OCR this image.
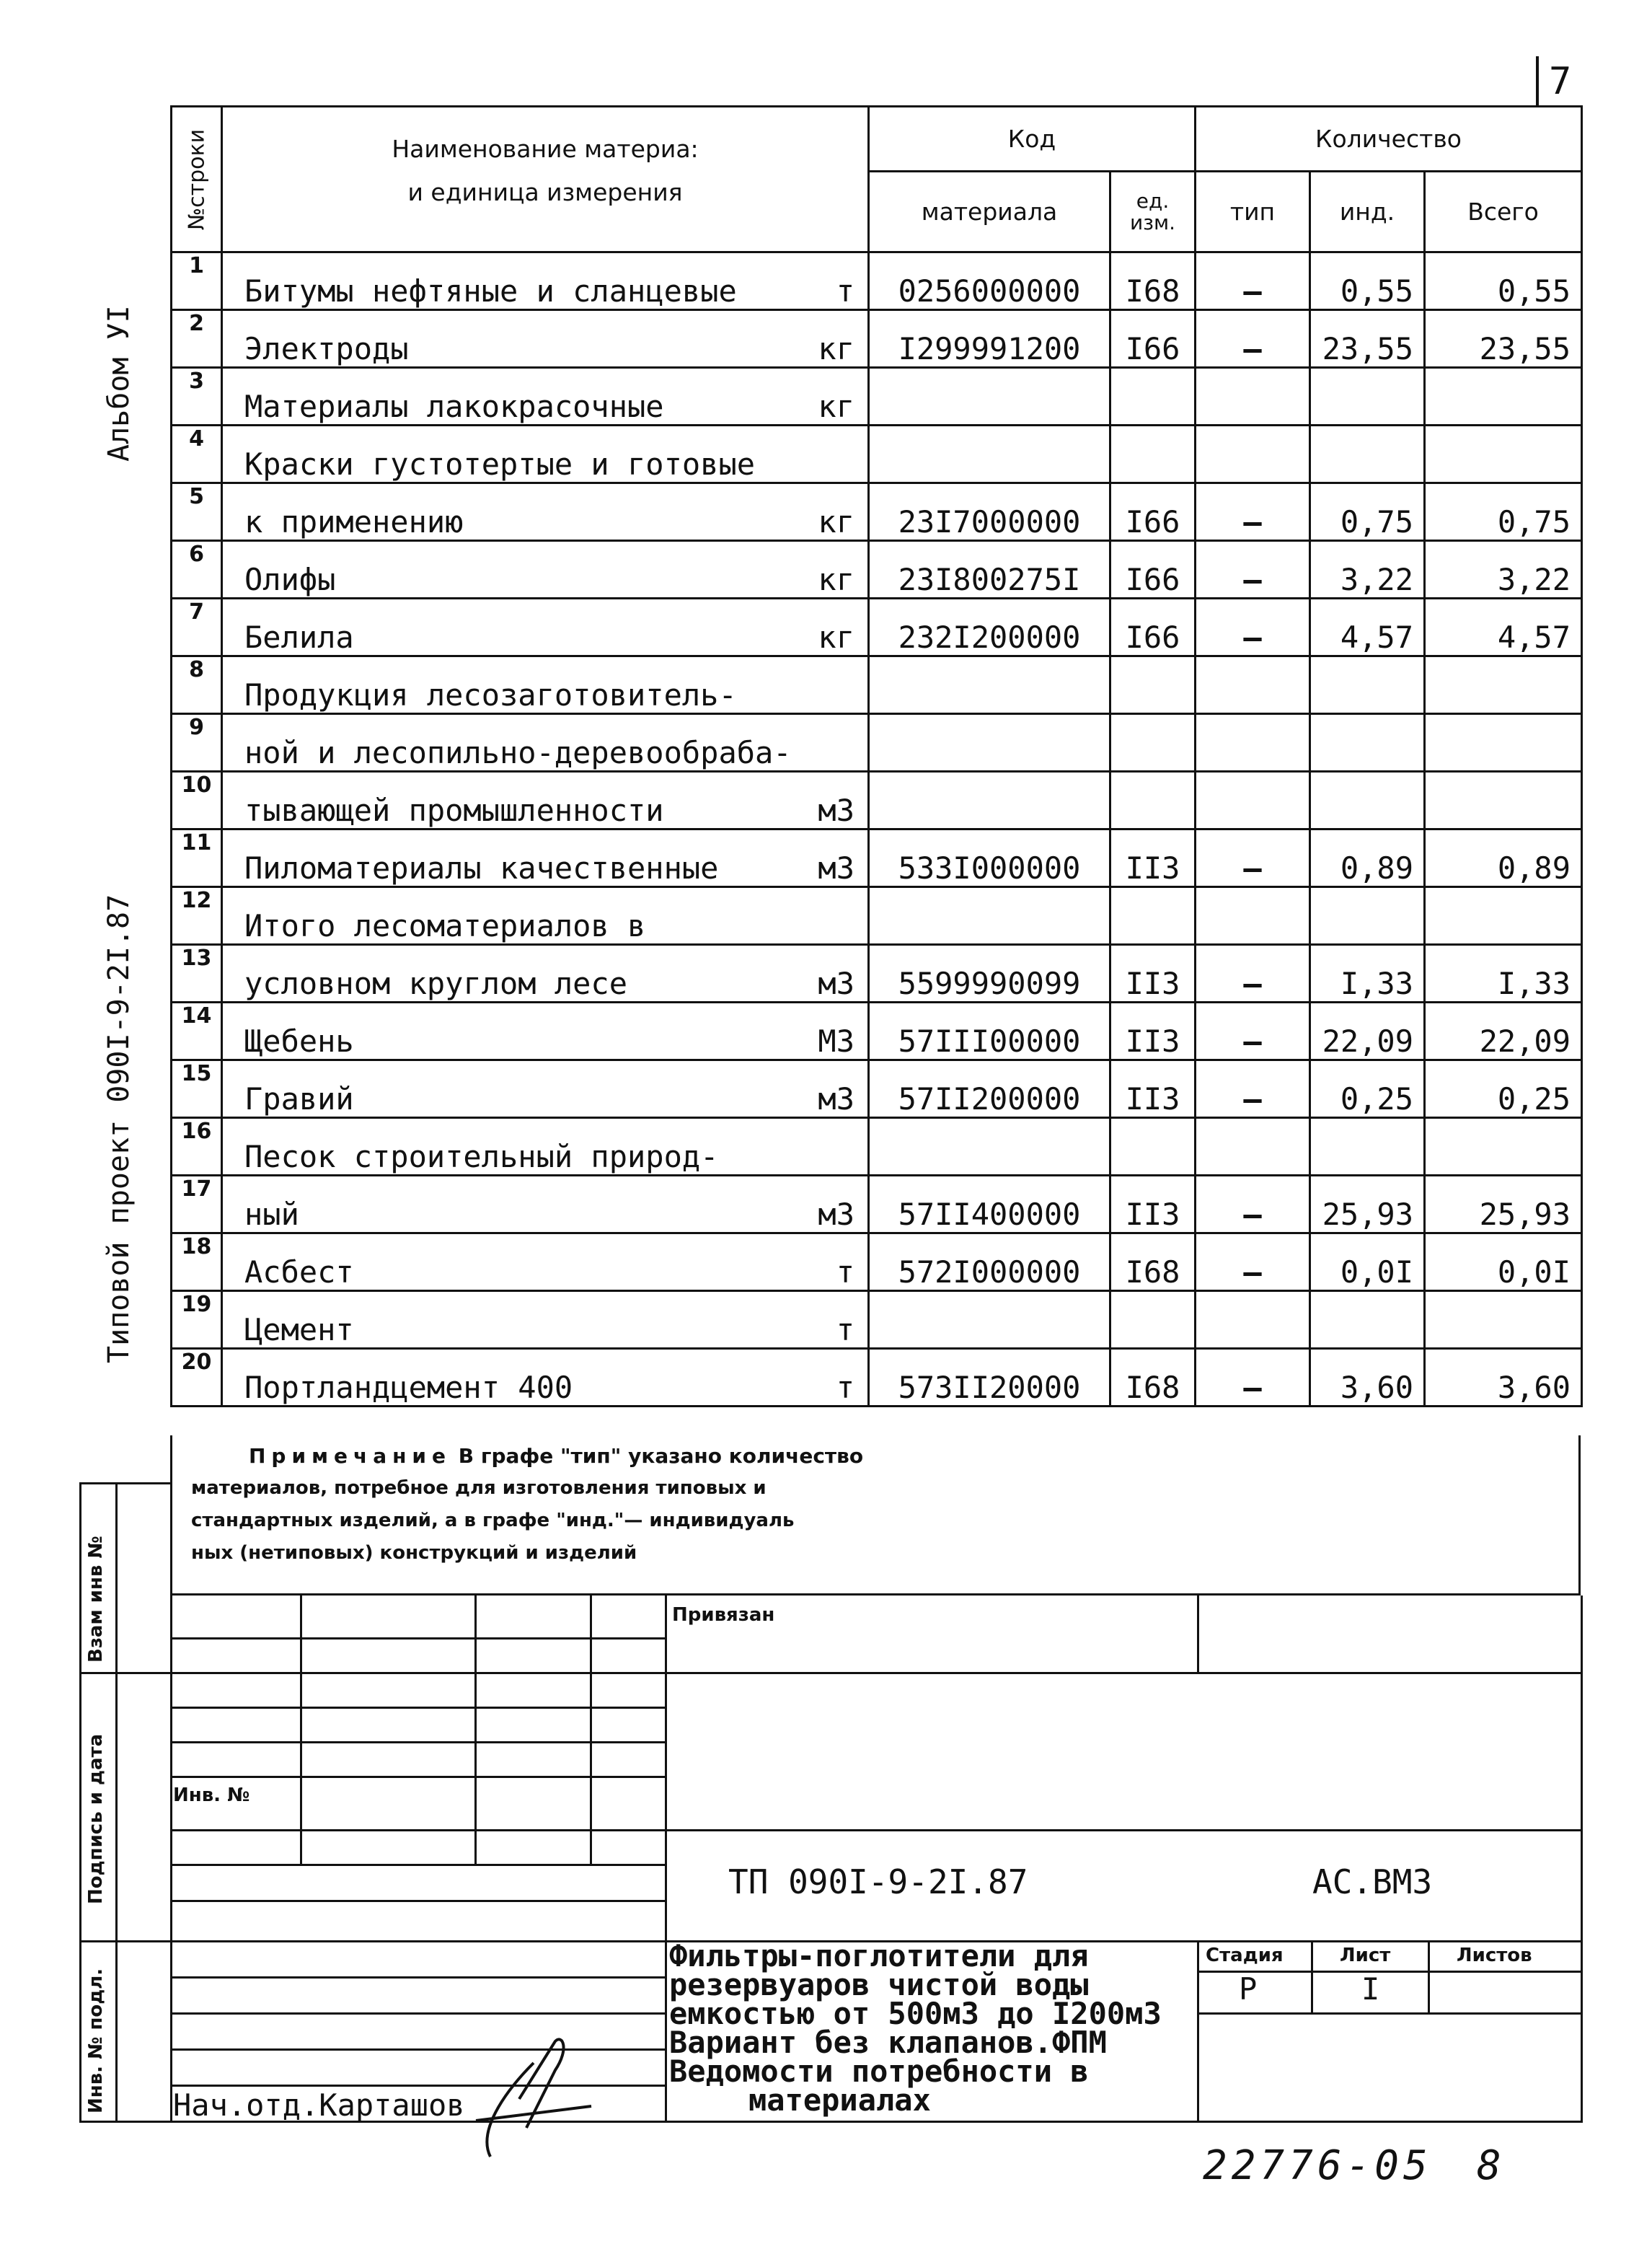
7
Альбом УI
Типовой проект 090I-9-2I.87
№строки	Наименование материа:
и единица измерения	Код		Количество		
		материала	ед. изм.	тип	инд.	Всего
1	Битумы нефтяные и сланцевые т	0256000000	I68	–	0,55	0,55
2	Электроды кг	I299991200	I66	–	23,55	23,55
3	Материалы лакокрасочные кг					

4	Краски густотертые и готовые					

5	к применению кг	23I7000000	I66	–	0,75	0,75
6	Олифы кг	23I800275I	I66	–	3,22	3,22
7	Белила кг	232I200000	I66	–	4,57	4,57
8	Продукция лесозаготовитель-					

9	ной и лесопильно-деревообраба-					

10	тывающей промышленности м3					

11	Пиломатериалы качественные м3	533I000000	II3	–	0,89	0,89
12	Итого лесоматериалов в					

13	условном круглом лесе м3	5599990099	II3	–	I,33	I,33
14	Щебень М3	57III00000	II3	–	22,09	22,09
15	Гравий м3	57II200000	II3	–	0,25	0,25
16	Песок строительный природ-					

17	ный м3	57II400000	II3	–	25,93	25,93
18	Асбест т	572I000000	I68	–	0,0I	0,0I
19	Цемент т					

20	Портландцемент 400 т	573II20000	I68	–	3,60	3,60
Примечание В графе "тип" указано количество
материалов, потребное для изготовления типовых и
стандартных изделий, а в графе "инд."— индивидуаль
ных (нетиповых) конструкций и изделий
Взам инв №
Подпись и дата
Инв. № подл.
Привязан
Инв. №
ТП 090I-9-2I.87	АС.ВМ3
Фильтры-поглотители для
резервуаров чистой воды
емкостью от 500м3 до I200м3
Вариант без клапанов.ФПМ
Ведомости потребности в
материалах
Стадия	Лист	Листов
Р	I
Нач.отд.Карташов
22776-05 8
